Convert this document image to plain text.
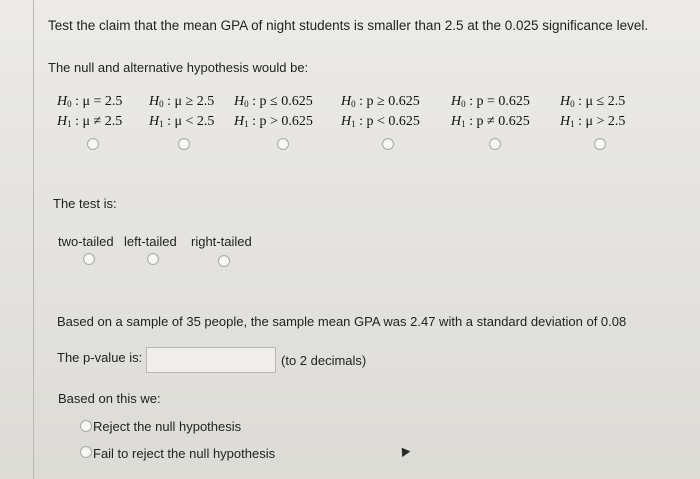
Test the claim that the mean GPA of night students is smaller than 2.5 at the 0.025 significance level.
The null and alternative hypothesis would be:
$H_0$ : μ = 2.5
$H_1$ : μ ≠ 2.5
$H_0$ : μ ≥ 2.5
$H_1$ : μ < 2.5
$H_0$ : p ≤ 0.625
$H_1$ : p > 0.625
$H_0$ : p ≥ 0.625
$H_1$ : p < 0.625
$H_0$ : p = 0.625
$H_1$ : p ≠ 0.625
$H_0$ : μ ≤ 2.5
$H_1$ : μ > 2.5
The test is:
two-tailed left-tailed right-tailed
Based on a sample of 35 people, the sample mean GPA was 2.47 with a standard deviation of 0.08
The p-value is:	(to 2 decimals)
Based on this we:
Reject the null hypothesis
Fail to reject the null hypothesis
